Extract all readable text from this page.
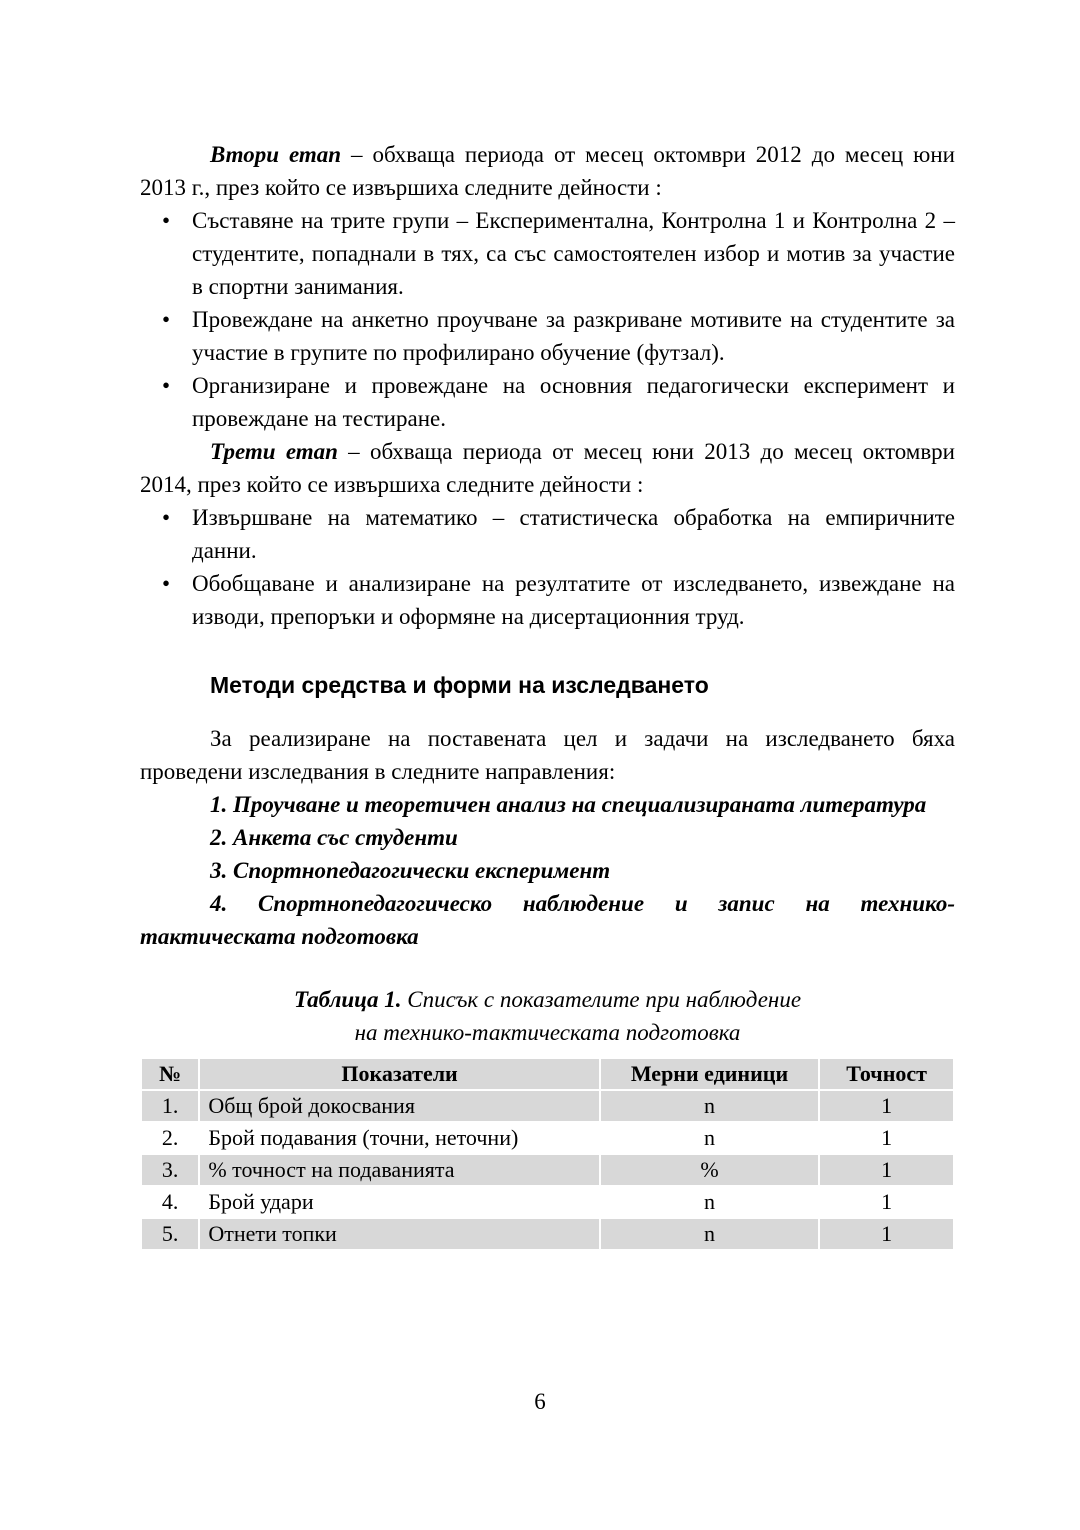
Втори етап – обхваща периода от месец октомври 2012 до месец юни 2013 г., през който се извършиха следните дейности :

• Съставяне на трите групи – Експериментална, Контролна 1 и Контролна 2 – студентите, попаднали в тях, са със самостоятелен избор и мотив за участие в спортни занимания.
• Провеждане на анкетно проучване за разкриване мотивите на студентите за участие в групите по профилирано обучение (футзал).
• Организиране и провеждане на основния педагогически експеримент и провеждане на тестиране.

Трети етап – обхваща периода от месец юни 2013 до месец октомври 2014, през който се извършиха следните дейности :

• Извършване на математико – статистическа обработка на емпиричните данни.
• Обобщаване и анализиране на резултатите от изследването, извеждане на изводи, препоръки и оформяне на дисертационния труд.
Методи средства и форми на изследването

За реализиране на поставената цел и задачи на изследването бяха проведени изследвания в следните направления:

1. Проучване и теоретичен анализ на специализираната литература

2. Анкета със студенти

3. Спортнопедагогически експеримент

4. Спортнопедагогическо наблюдение и запис на технико-тактическата подготовка

Таблица 1. Списък с показателите при наблюдение
на технико-тактическата подготовка
№	Показатели	Мерни единици	Точност
1.	Общ брой докосвания	n	1
2.	Брой подавания (точни, неточни)	n	1
3.	% точност на подаванията	%	1
4.	Брой удари	n	1
5.	Отнети топки	n	1
6
